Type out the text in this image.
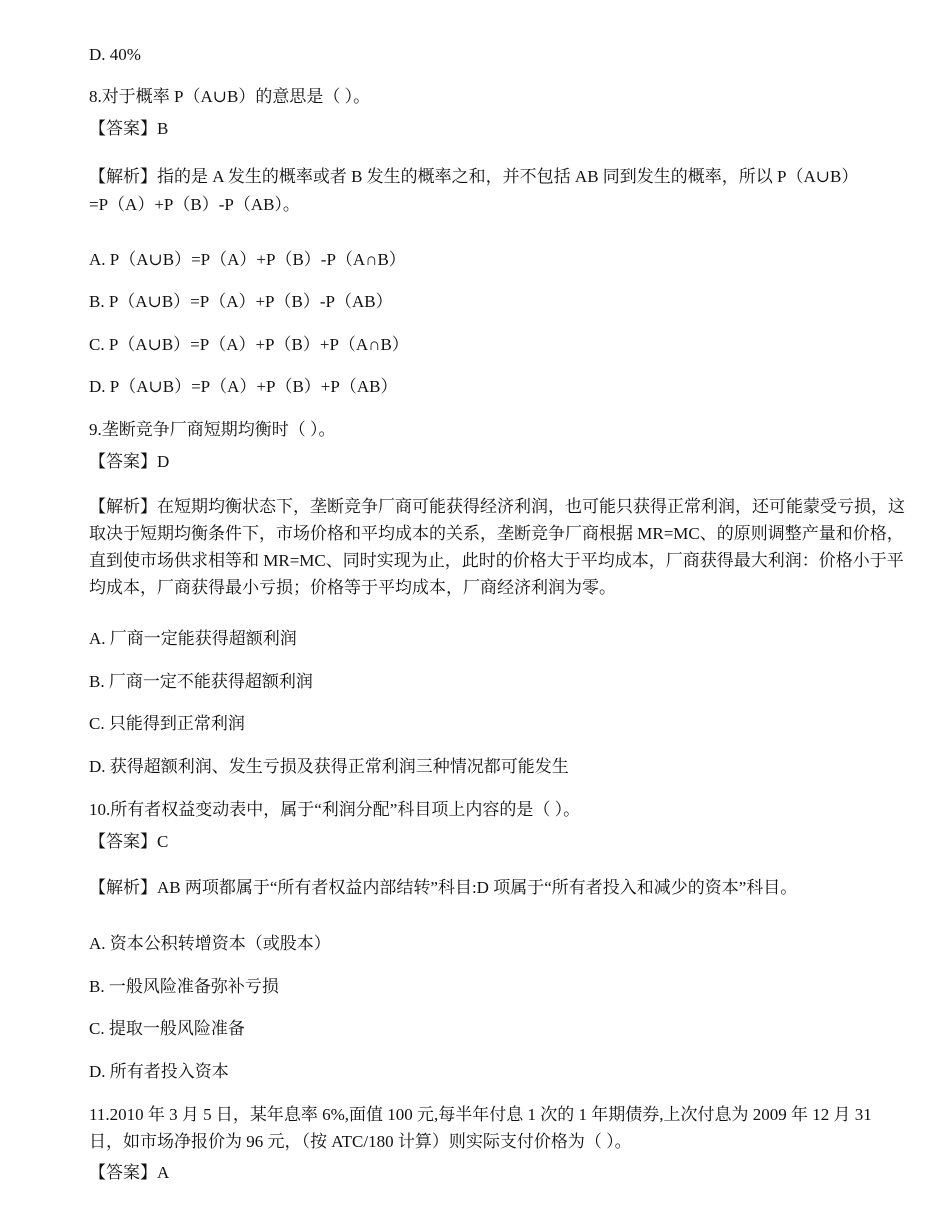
D. 40%

8.对于概率 P（A∪B）的意思是（ ）。

【答案】B

【解析】指的是 A 发生的概率或者 B 发生的概率之和，并不包括 AB 同到发生的概率，所以 P（A∪B）=P（A）+P（B）-P（AB）。

A. P（A∪B）=P（A）+P（B）-P（A∩B）

B. P（A∪B）=P（A）+P（B）-P（AB）

C. P（A∪B）=P（A）+P（B）+P（A∩B）

D. P（A∪B）=P（A）+P（B）+P（AB）

9.垄断竞争厂商短期均衡时（ ）。

【答案】D

【解析】在短期均衡状态下，垄断竞争厂商可能获得经济利润，也可能只获得正常利润，还可能蒙受亏损，这取决于短期均衡条件下，市场价格和平均成本的关系，垄断竞争厂商根据 MR=MC、的原则调整产量和价格，直到使市场供求相等和 MR=MC、同时实现为止，此时的价格大于平均成本，厂商获得最大利润：价格小于平均成本，厂商获得最小亏损；价格等于平均成本，厂商经济利润为零。

A. 厂商一定能获得超额利润

B. 厂商一定不能获得超额利润

C. 只能得到正常利润

D. 获得超额利润、发生亏损及获得正常利润三种情况都可能发生

10.所有者权益变动表中，属于“利润分配”科目项上内容的是（ ）。

【答案】C

【解析】AB 两项都属于“所有者权益内部结转”科目:D 项属于“所有者投入和减少的资本”科目。

A. 资本公积转增资本（或股本）

B. 一般风险准备弥补亏损

C. 提取一般风险准备

D. 所有者投入资本

11.2010 年 3 月 5 日，某年息率 6%,面值 100 元,每半年付息 1 次的 1 年期债券,上次付息为 2009 年 12 月 31 日，如市场净报价为 96 元，（按 ATC/180 计算）则实际支付价格为（ ）。

【答案】A
